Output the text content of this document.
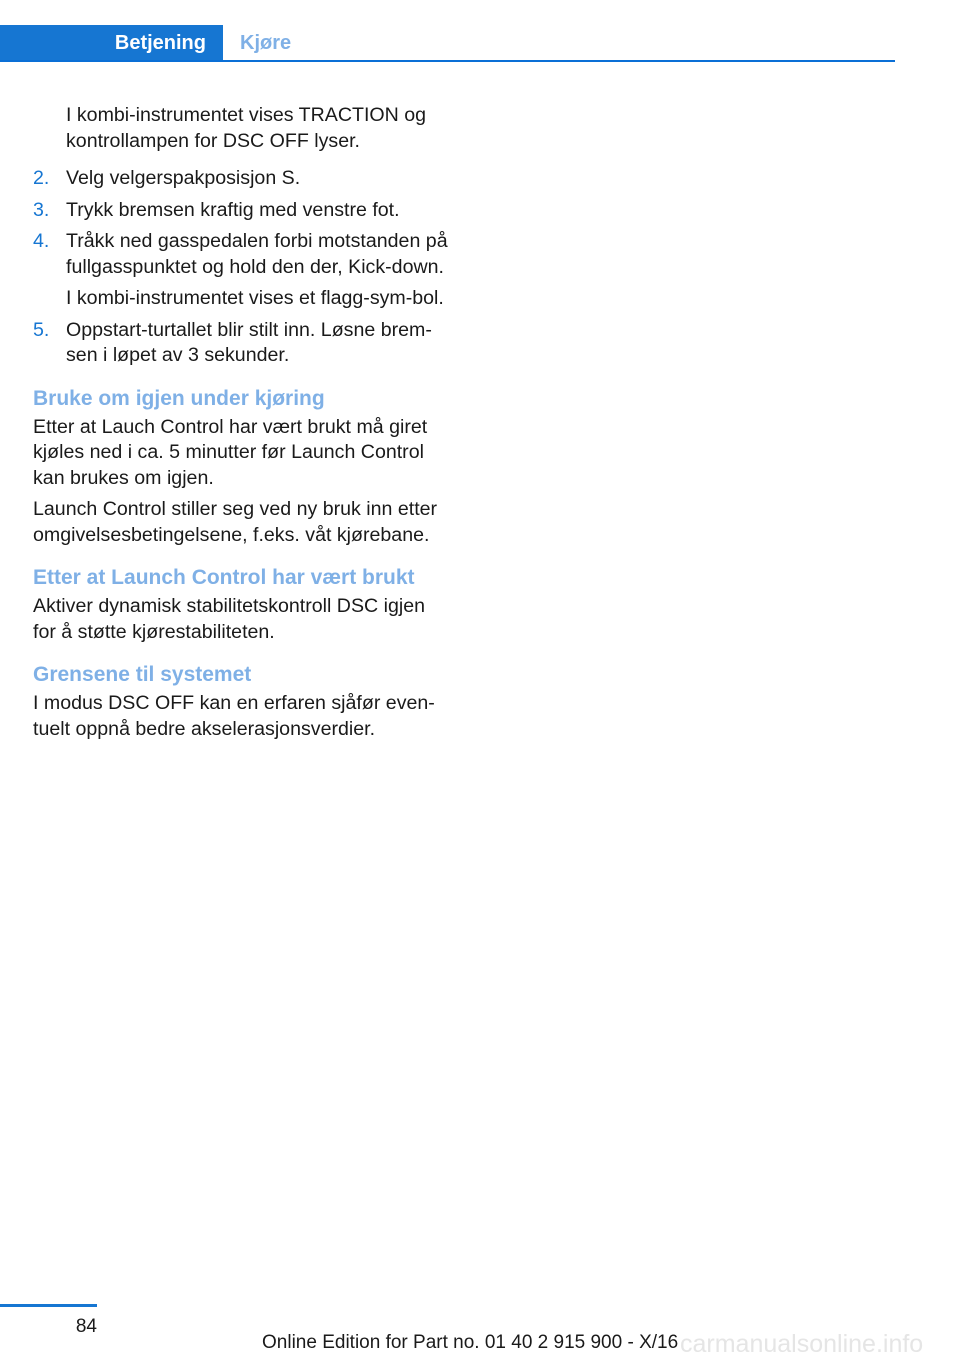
Betjening	Kjøre

I kombi-instrumentet vises TRACTION og kontrollampen for DSC OFF lyser.

2. Velg velgerspakposisjon S.

3. Trykk bremsen kraftig med venstre fot.

4. Tråkk ned gasspedalen forbi motstanden på fullgasspunktet og hold den der, Kick-down.

I kombi-instrumentet vises et flagg-sym-bol.

5. Oppstart-turtallet blir stilt inn. Løsne brem-sen i løpet av 3 sekunder.

Bruke om igjen under kjøring

Etter at Lauch Control har vært brukt må giret kjøles ned i ca. 5 minutter før Launch Control kan brukes om igjen.

Launch Control stiller seg ved ny bruk inn etter omgivelsesbetingelsene, f.eks. våt kjørebane.

Etter at Launch Control har vært brukt

Aktiver dynamisk stabilitetskontroll DSC igjen for å støtte kjørestabiliteten.

Grensene til systemet

I modus DSC OFF kan en erfaren sjåfør even-tuelt oppnå bedre akselerasjonsverdier.

84
Online Edition for Part no. 01 40 2 915 900 - X/16 carmanualsonline.info
